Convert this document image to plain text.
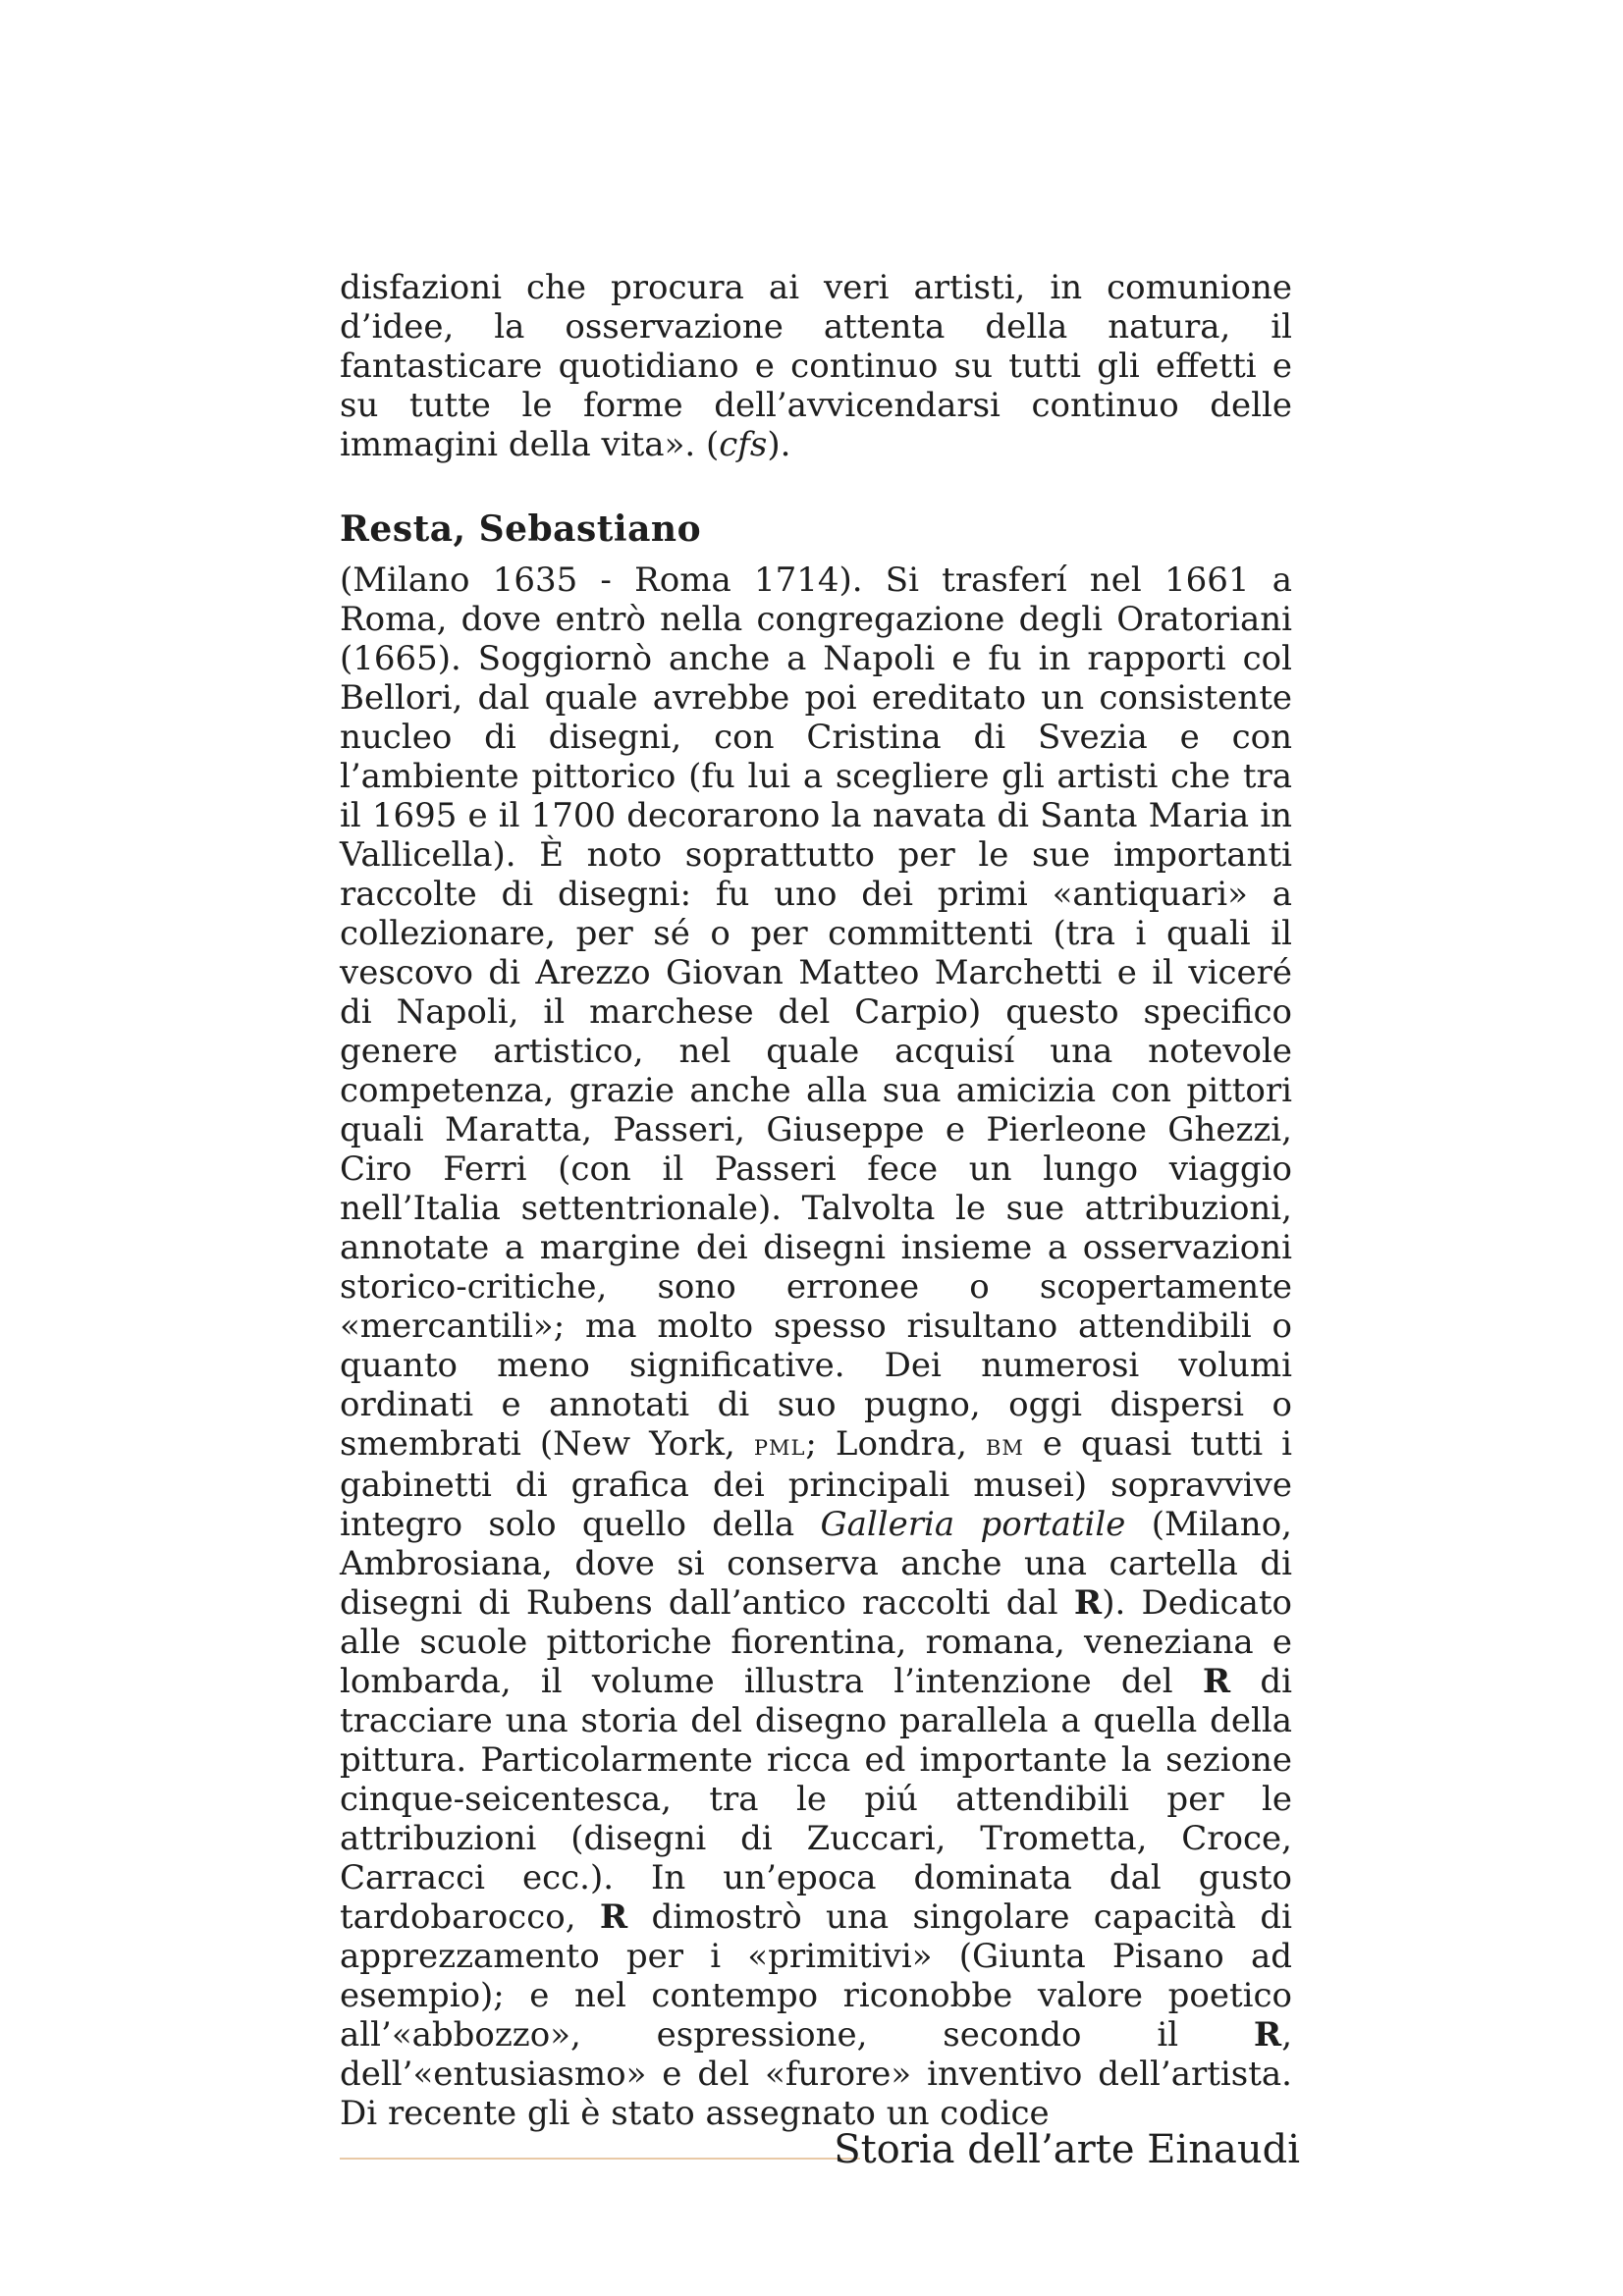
disfazioni che procura ai veri artisti, in comunione d’idee, la osservazione attenta della natura, il fantasticare quotidiano e continuo su tutti gli effetti e su tutte le forme dell’avvicendarsi continuo delle immagini della vita». (cfs).

Resta, Sebastiano

(Milano 1635 - Roma 1714). Si trasferí nel 1661 a Roma, dove entrò nella congregazione degli Oratoriani (1665). Soggiornò anche a Napoli e fu in rapporti col Bellori, dal quale avrebbe poi ereditato un consistente nucleo di disegni, con Cristina di Svezia e con l’ambiente pittorico (fu lui a scegliere gli artisti che tra il 1695 e il 1700 decorarono la navata di Santa Maria in Vallicella). È noto soprattutto per le sue importanti raccolte di disegni: fu uno dei primi «antiquari» a collezionare, per sé o per committenti (tra i quali il vescovo di Arezzo Giovan Matteo Marchetti e il viceré di Napoli, il marchese del Carpio) questo specifico genere artistico, nel quale acquisí una notevole competenza, grazie anche alla sua amicizia con pittori quali Maratta, Passeri, Giuseppe e Pierleone Ghezzi, Ciro Ferri (con il Passeri fece un lungo viaggio nell’Italia settentrionale). Talvolta le sue attribuzioni, annotate a margine dei disegni insieme a osservazioni storico-critiche, sono erronee o scopertamente «mercantili»; ma molto spesso risultano attendibili o quanto meno significative. Dei numerosi volumi ordinati e annotati di suo pugno, oggi dispersi o smembrati (New York, pml; Londra, bm e quasi tutti i gabinetti di grafica dei principali musei) sopravvive integro solo quello della Galleria portatile (Milano, Ambrosiana, dove si conserva anche una cartella di disegni di Rubens dall’antico raccolti dal R). Dedicato alle scuole pittoriche fiorentina, romana, veneziana e lombarda, il volume illustra l’intenzione del R di tracciare una storia del disegno parallela a quella della pittura. Particolarmente ricca ed importante la sezione cinque-seicentesca, tra le piú attendibili per le attribuzioni (disegni di Zuccari, Trometta, Croce, Carracci ecc.). In un’epoca dominata dal gusto tardobarocco, R dimostrò una singolare capacità di apprezzamento per i «primitivi» (Giunta Pisano ad esempio); e nel contempo riconobbe valore poetico all’«abbozzo», espressione, secondo il R, dell’«entusiasmo» e del «furore» inventivo dell’artista. Di recente gli è stato assegnato un codice

Storia dell’arte Einaudi
